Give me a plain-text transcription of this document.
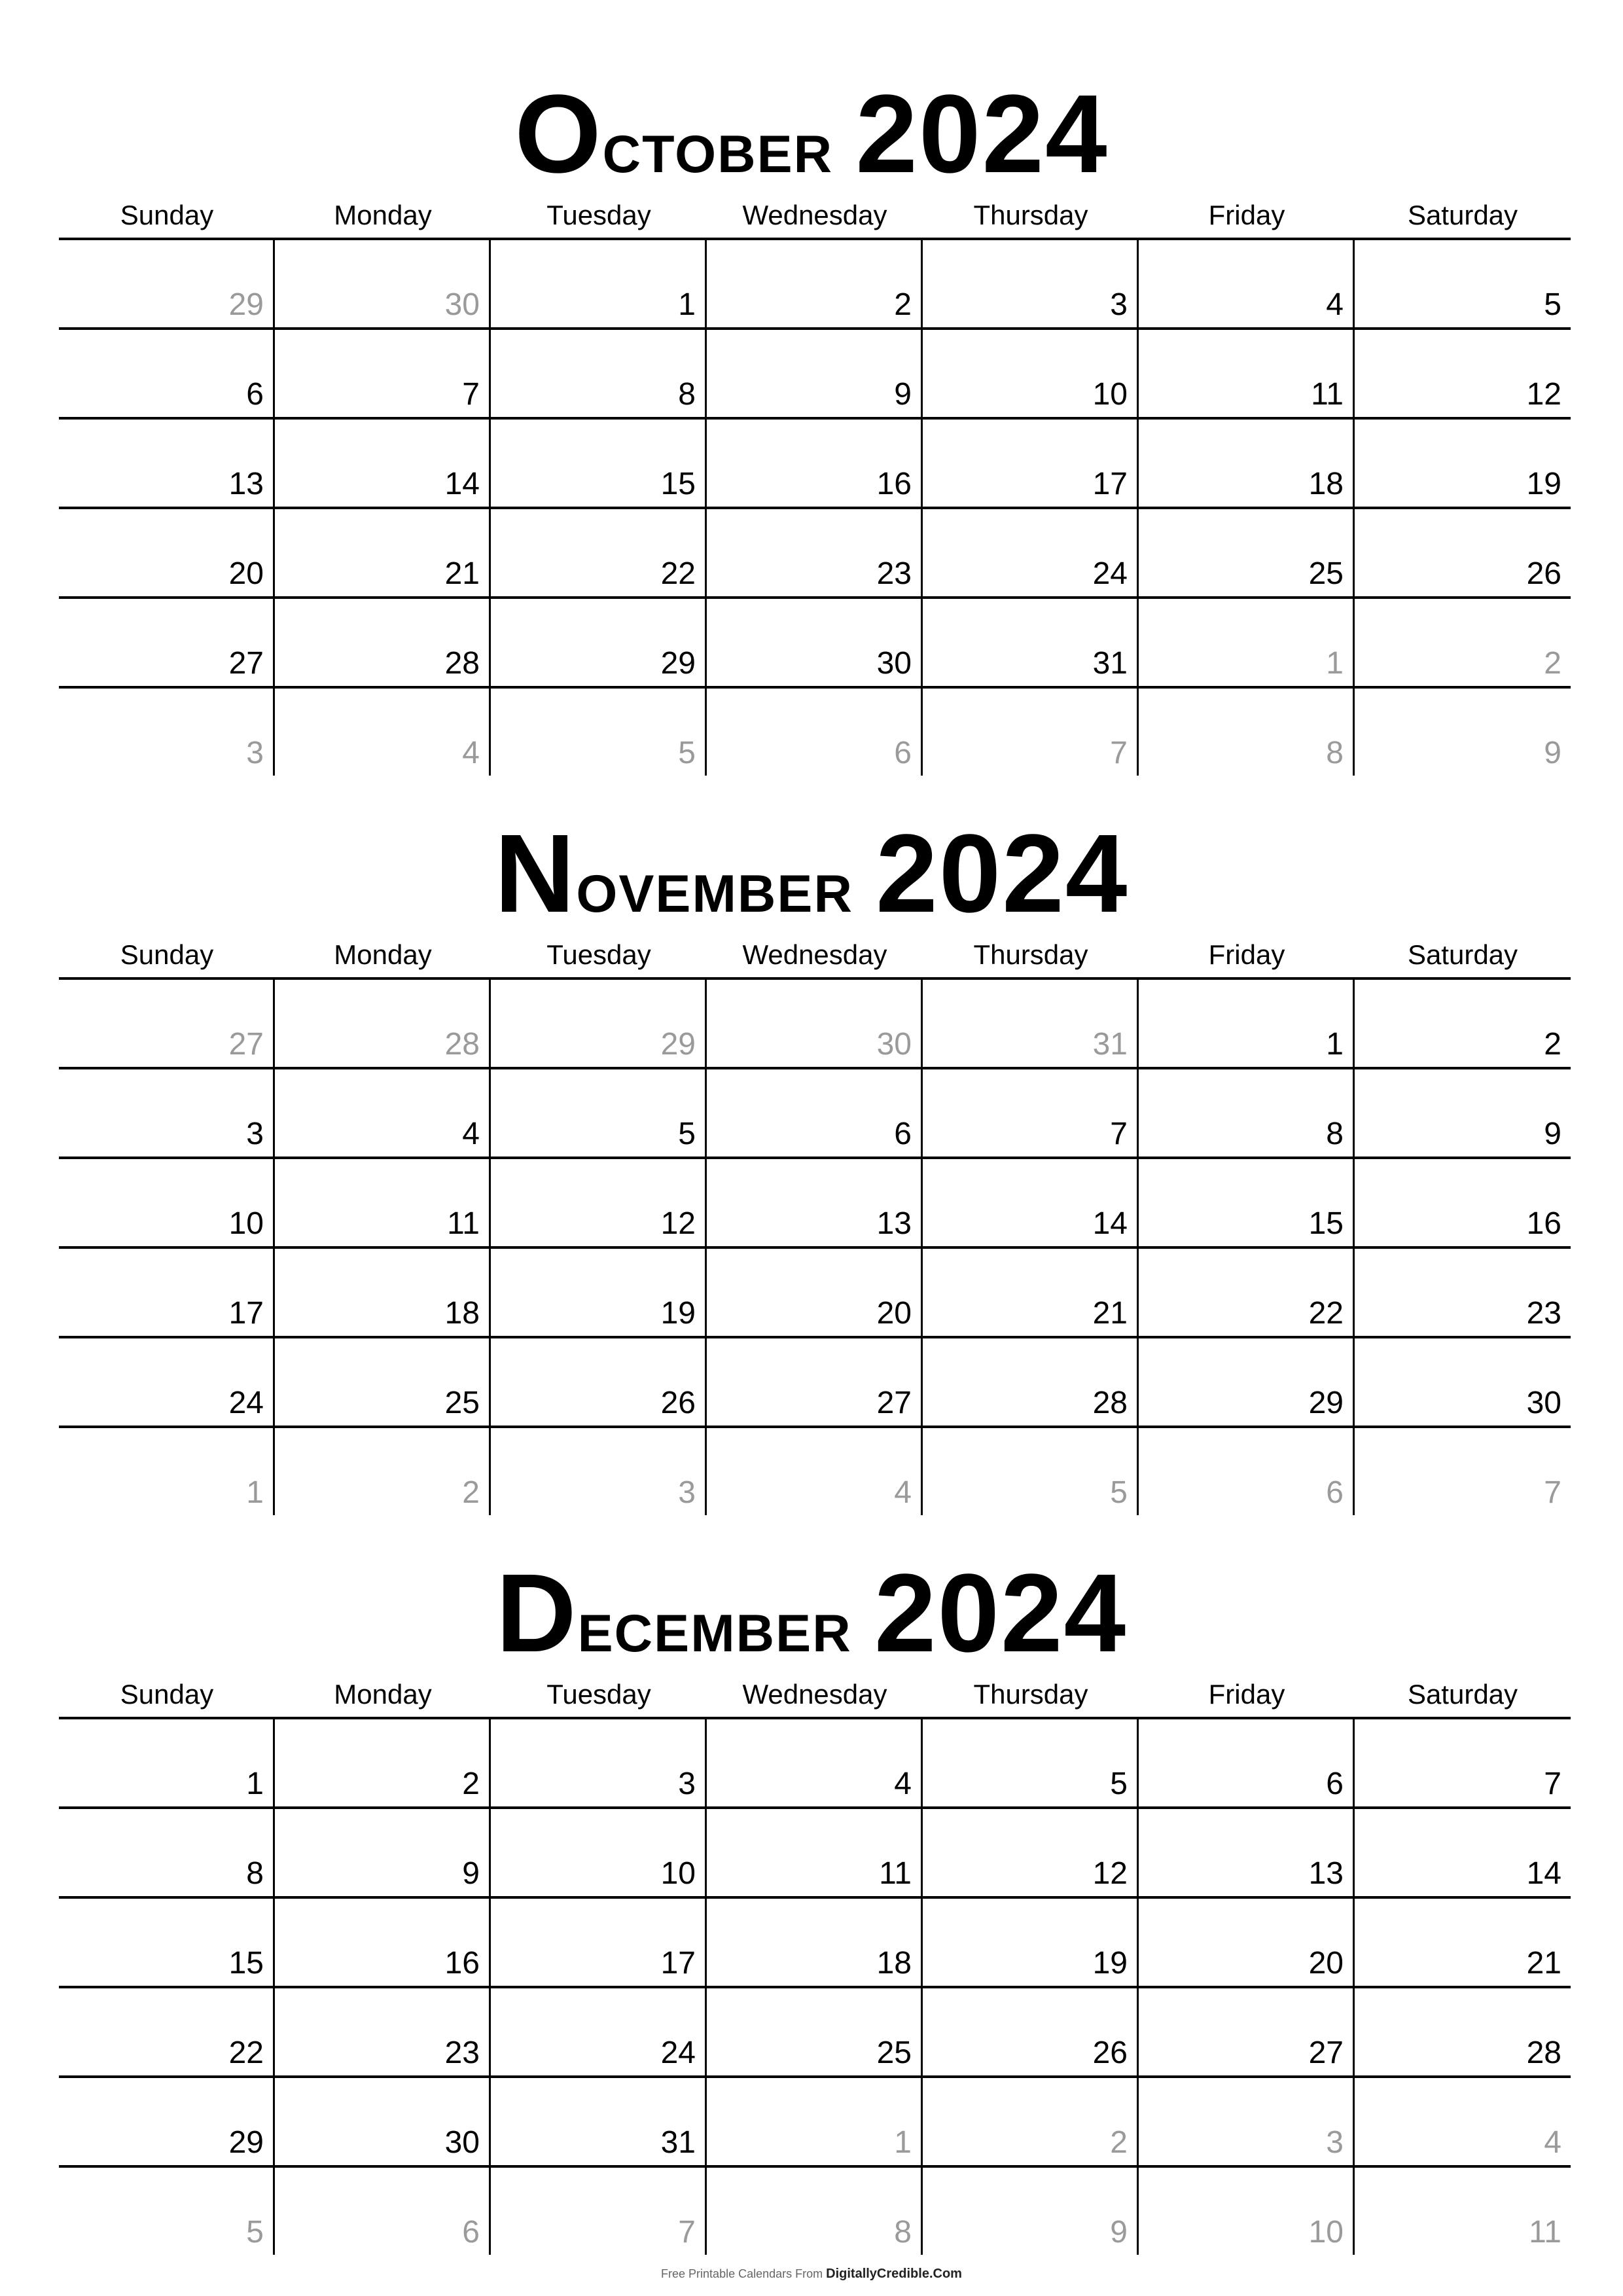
October 2024
Sunday	Monday	Tuesday	Wednesday	Thursday	Friday	Saturday
29	30	1	2	3	4	5
6	7	8	9	10	11	12
13	14	15	16	17	18	19
20	21	22	23	24	25	26
27	28	29	30	31	1	2
3	4	5	6	7	8	9
November 2024
Sunday	Monday	Tuesday	Wednesday	Thursday	Friday	Saturday
27	28	29	30	31	1	2
3	4	5	6	7	8	9
10	11	12	13	14	15	16
17	18	19	20	21	22	23
24	25	26	27	28	29	30
1	2	3	4	5	6	7
December 2024
Sunday	Monday	Tuesday	Wednesday	Thursday	Friday	Saturday
1	2	3	4	5	6	7
8	9	10	11	12	13	14
15	16	17	18	19	20	21
22	23	24	25	26	27	28
29	30	31	1	2	3	4
5	6	7	8	9	10	11
Free Printable Calendars From DigitallyCredible.Com
